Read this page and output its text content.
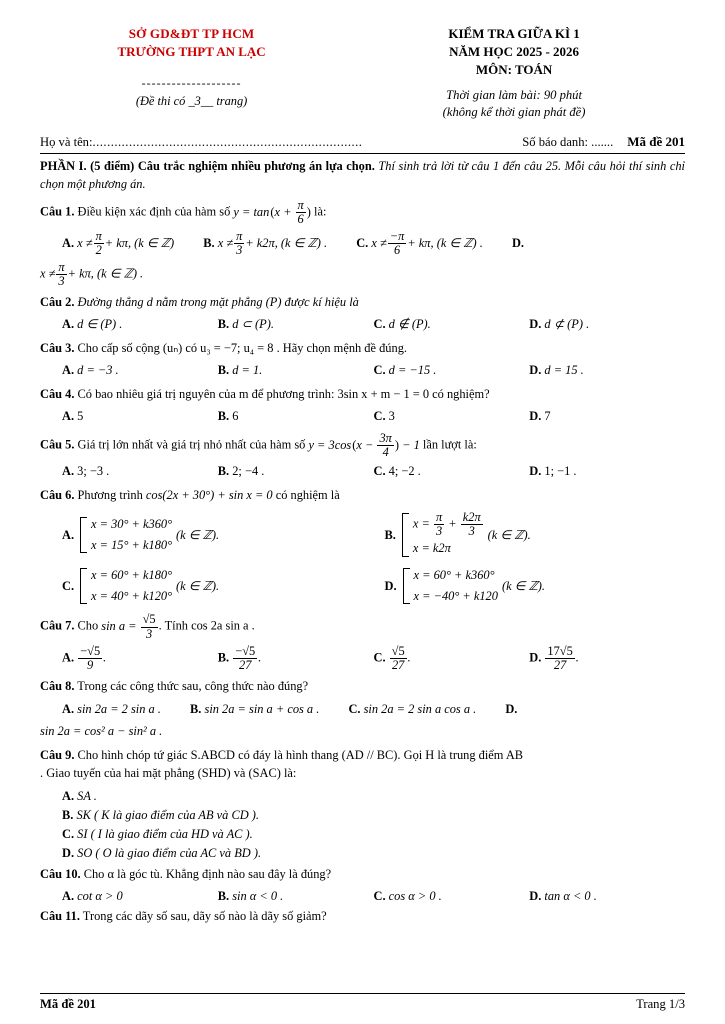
SỞ GD&ĐT TP HCM
TRƯỜNG THPT AN LẠC
--------------------
(Đề thi có _3__ trang)
KIỂM TRA GIỮA KÌ 1
NĂM HỌC 2025 - 2026
MÔN: TOÁN
Thời gian làm bài: 90 phút
(không kể thời gian phát đề)
Họ và tên: ..........................................................................	Số báo danh: ....... Mã đề 201
PHẦN I. (5 điểm) Câu trắc nghiệm nhiều phương án lựa chọn. Thí sinh trả lời từ câu 1 đến câu 25. Mỗi câu hỏi thí sinh chỉ chọn một phương án.
Câu 1. Điều kiện xác định của hàm số y = tan ($x + \frac{\pi}{6}$ ) là:
A. $x \ne \frac{\pi}{2} + k\pi$, (k ∈ ℤ) B. $x \ne \frac{\pi}{3} + k2\pi$, (k ∈ ℤ) . C. $x \ne \frac{-\pi}{6} + k\pi$, (k ∈ ℤ) . D.
$x \ne \frac{\pi}{3} + k\pi$, (k ∈ ℤ) .
Câu 2. Đường thẳng d nằm trong mặt phẳng (P) được kí hiệu là
A. d ∈ (P) .	B. d ⊂ (P).	C. d ∉ (P).	D. d ⊄ (P) .
Câu 3. Cho cấp số cộng (uₙ) có u₃ = −7; u₄ = 8 . Hãy chọn mệnh đề đúng.
A. d = −3 .	B. d = 1.	C. d = −15 .	D. d = 15 .
Câu 4. Có bao nhiêu giá trị nguyên của m để phương trình: 3sin x + m − 1 = 0 có nghiệm?
A. 5	B. 6	C. 3	D. 7
Câu 5. Giá trị lớn nhất và giá trị nhỏ nhất của hàm số y = 3cos ($x - \frac{3\pi}{4}$ ) − 1 lần lượt là:
A. 3; −3 .	B. 2; −4 .	C. 4; −2 .	D. 1; −1 .
Câu 6. Phương trình cos(2x + 30°) + sin x = 0 có nghiệm là
A.
x = 30° + k360°
x = 15° + k180°
(k ∈ ℤ).	B.
$x = \frac{\pi}{3} + \frac{k2\pi}{3}$
x = k2π
(k ∈ ℤ).
C.
x = 60° + k180°
x = 40° + k120°
(k ∈ ℤ).	D.
x = 60° + k360°
x = −40° + k120
(k ∈ ℤ).
Câu 7. Cho $\sin a = \frac{√5}{3}$ . Tính cos 2a sin a .
A. $\frac{-√5}{9}$ .	B. $\frac{-√5}{27}$ .	C. $\frac{√5}{27}$ .	D. $\frac{17√5}{27}$ .
Câu 8. Trong các công thức sau, công thức nào đúng?
A. sin 2a = 2 sin a . B. sin 2a = sin a + cos a . C. sin 2a = 2 sin a cos a . D.
sin 2a = cos² a − sin² a .
Câu 9. Cho hình chóp tứ giác S.ABCD có đáy là hình thang (AD // BC). Gọi H là trung điểm AB
. Giao tuyến của hai mặt phẳng (SHD) và (SAC) là:
A. SA .
B. SK ( K là giao điểm của AB và CD ).
C. SI ( I là giao điểm của HD và AC ).
D. SO ( O là giao điểm của AC và BD ).
Câu 10. Cho α là góc tù. Khẳng định nào sau đây là đúng?
A. cot α > 0	B. sin α < 0 .	C. cos α > 0 .	D. tan α < 0 .
Câu 11. Trong các dãy số sau, dãy số nào là dãy số giảm?
Mã đề 201	Trang 1/3
